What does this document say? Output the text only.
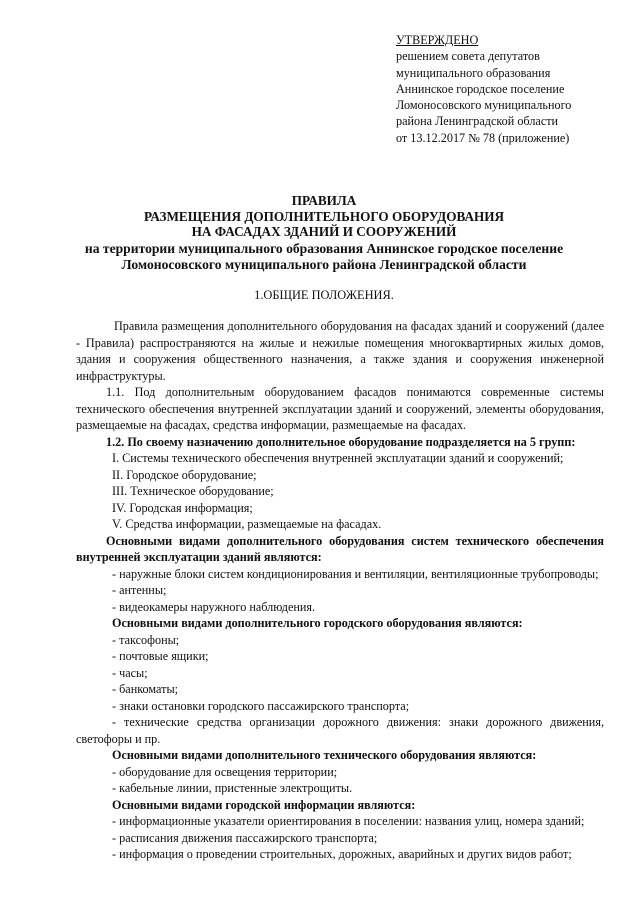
УТВЕРЖДЕНО
решением совета депутатов
муниципального образования
Аннинское городское поселение
Ломоносовского муниципального
района Ленинградской области
от 13.12.2017 № 78 (приложение)
ПРАВИЛА
РАЗМЕЩЕНИЯ ДОПОЛНИТЕЛЬНОГО ОБОРУДОВАНИЯ
НА ФАСАДАХ ЗДАНИЙ И СООРУЖЕНИЙ
на территории муниципального образования Аннинское городское поселение
Ломоносовского муниципального района Ленинградской области
1.ОБЩИЕ ПОЛОЖЕНИЯ.

Правила размещения дополнительного оборудования на фасадах зданий и сооружений (далее - Правила) распространяются на жилые и нежилые помещения многоквартирных жилых домов, здания и сооружения общественного назначения, а также здания и сооружения инженерной инфраструктуры.

1.1. Под дополнительным оборудованием фасадов понимаются современные системы технического обеспечения внутренней эксплуатации зданий и сооружений, элементы оборудования, размещаемые на фасадах, средства информации, размещаемые на фасадах.

1.2. По своему назначению дополнительное оборудование подразделяется на 5 групп:

I. Системы технического обеспечения внутренней эксплуатации зданий и сооружений;

II. Городское оборудование;

III. Техническое оборудование;

IV. Городская информация;

V. Средства информации, размещаемые на фасадах.

Основными видами дополнительного оборудования систем технического обеспечения внутренней эксплуатации зданий являются:

- наружные блоки систем кондиционирования и вентиляции, вентиляционные трубопроводы;

- антенны;

- видеокамеры наружного наблюдения.

Основными видами дополнительного городского оборудования являются:

- таксофоны;

- почтовые ящики;

- часы;

- банкоматы;

- знаки остановки городского пассажирского транспорта;

- технические средства организации дорожного движения: знаки дорожного движения, светофоры и пр.

Основными видами дополнительного технического оборудования являются:

- оборудование для освещения территории;

- кабельные линии, пристенные электрощиты.

Основными видами городской информации являются:

- информационные указатели ориентирования в поселении: названия улиц, номера зданий;

- расписания движения пассажирского транспорта;

- информация о проведении строительных, дорожных, аварийных и других видов работ;
